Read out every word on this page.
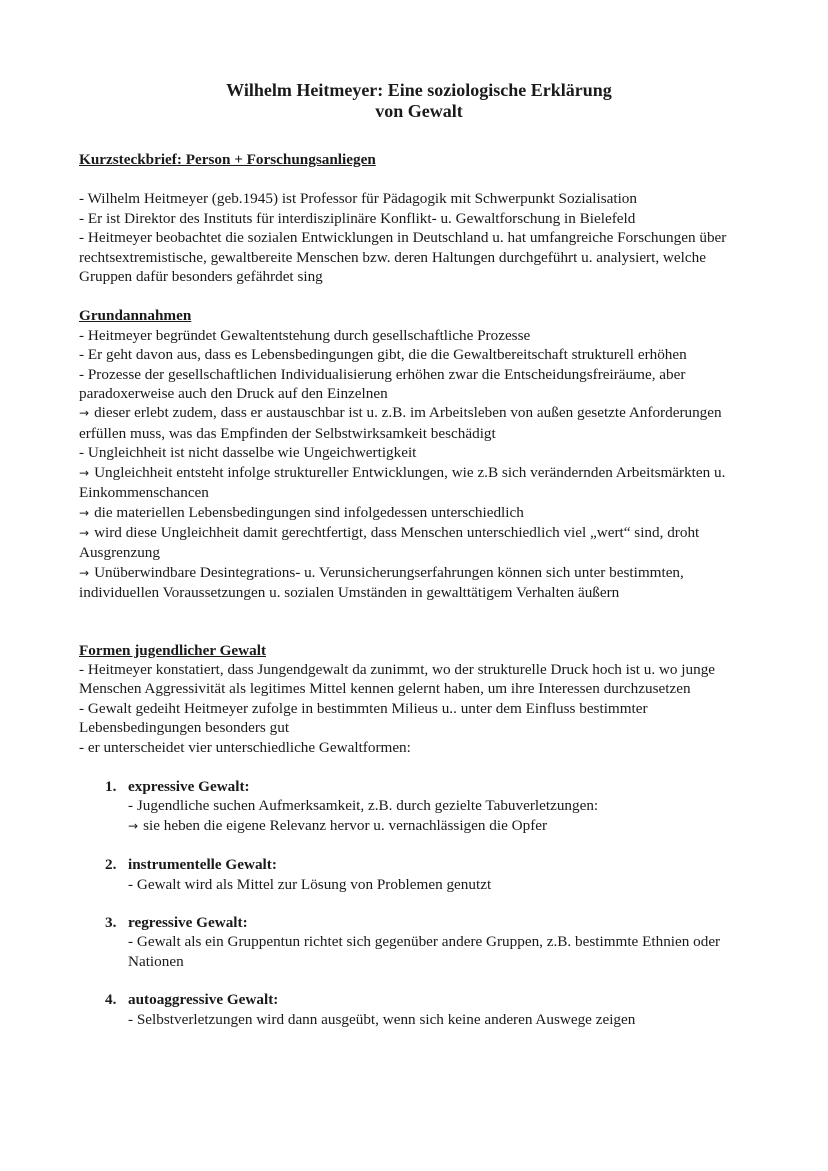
Wilhelm Heitmeyer: Eine soziologische Erklärung
von Gewalt

Kurzsteckbrief: Person + Forschungsanliegen

- Wilhelm Heitmeyer (geb.1945) ist Professor für Pädagogik mit Schwerpunkt Sozialisation

- Er ist Direktor des Instituts für interdisziplinäre Konflikt- u. Gewaltforschung in Bielefeld

- Heitmeyer beobachtet die sozialen Entwicklungen in Deutschland u. hat umfangreiche Forschungen über rechtsextremistische, gewaltbereite Menschen bzw. deren Haltungen durchgeführt u. analysiert, welche Gruppen dafür besonders gefährdet sing

Grundannahmen

- Heitmeyer begründet Gewaltentstehung durch gesellschaftliche Prozesse

- Er geht davon aus, dass es Lebensbedingungen gibt, die die Gewaltbereitschaft strukturell erhöhen

- Prozesse der gesellschaftlichen Individualisierung erhöhen zwar die Entscheidungsfreiräume, aber paradoxerweise auch den Druck auf den Einzelnen

→ dieser erlebt zudem, dass er austauschbar ist u. z.B. im Arbeitsleben von außen gesetzte Anforderungen erfüllen muss, was das Empfinden der Selbstwirksamkeit beschädigt

- Ungleichheit ist nicht dasselbe wie Ungeichwertigkeit

→ Ungleichheit entsteht infolge struktureller Entwicklungen, wie z.B sich verändernden Arbeitsmärkten u. Einkommenschancen

→ die materiellen Lebensbedingungen sind infolgedessen unterschiedlich

→ wird diese Ungleichheit damit gerechtfertigt, dass Menschen unterschiedlich viel „wert“ sind, droht Ausgrenzung

→ Unüberwindbare Desintegrations- u. Verunsicherungserfahrungen können sich unter bestimmten, individuellen Voraussetzungen u. sozialen Umständen in gewalttätigem Verhalten äußern

Formen jugendlicher Gewalt

- Heitmeyer konstatiert, dass Jungendgewalt da zunimmt, wo der strukturelle Druck hoch ist u. wo junge Menschen Aggressivität als legitimes Mittel kennen gelernt haben, um ihre Interessen durchzusetzen

- Gewalt gedeiht Heitmeyer zufolge in bestimmten Milieus u.. unter dem Einfluss bestimmter Lebensbedingungen besonders gut

- er unterscheidet vier unterschiedliche Gewaltformen:

1. expressive Gewalt:
- Jugendliche suchen Aufmerksamkeit, z.B. durch gezielte Tabuverletzungen:
→ sie heben die eigene Relevanz hervor u. vernachlässigen die Opfer
2. instrumentelle Gewalt:
- Gewalt wird als Mittel zur Lösung von Problemen genutzt
3. regressive Gewalt:
- Gewalt als ein Gruppentun richtet sich gegenüber andere Gruppen, z.B. bestimmte Ethnien oder Nationen
4. autoaggressive Gewalt:
- Selbstverletzungen wird dann ausgeübt, wenn sich keine anderen Auswege zeigen
